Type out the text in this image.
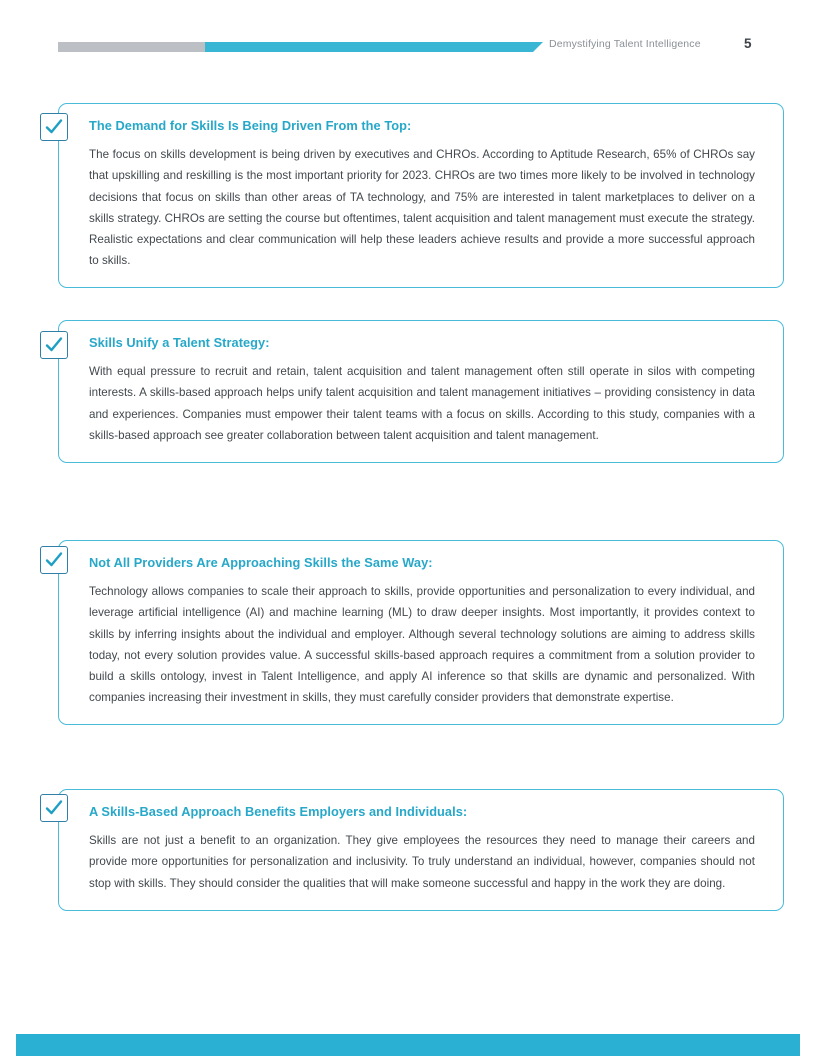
Demystifying Talent Intelligence	5
The Demand for Skills Is Being Driven From the Top:

The focus on skills development is being driven by executives and CHROs. According to Aptitude Research, 65% of CHROs say that upskilling and reskilling is the most important priority for 2023. CHROs are two times more likely to be involved in technology decisions that focus on skills than other areas of TA technology, and 75% are interested in talent marketplaces to deliver on a skills strategy. CHROs are setting the course but oftentimes, talent acquisition and talent management must execute the strategy. Realistic expectations and clear communication will help these leaders achieve results and provide a more successful approach to skills.

Skills Unify a Talent Strategy:

With equal pressure to recruit and retain, talent acquisition and talent management often still operate in silos with competing interests. A skills-based approach helps unify talent acquisition and talent management initiatives – providing consistency in data and experiences. Companies must empower their talent teams with a focus on skills. According to this study, companies with a skills-based approach see greater collaboration between talent acquisition and talent management.

Not All Providers Are Approaching Skills the Same Way:

Technology allows companies to scale their approach to skills, provide opportunities and personalization to every individual, and leverage artificial intelligence (AI) and machine learning (ML) to draw deeper insights. Most importantly, it provides context to skills by inferring insights about the individual and employer. Although several technology solutions are aiming to address skills today, not every solution provides value. A successful skills-based approach requires a commitment from a solution provider to build a skills ontology, invest in Talent Intelligence, and apply AI inference so that skills are dynamic and personalized. With companies increasing their investment in skills, they must carefully consider providers that demonstrate expertise.

A Skills-Based Approach Benefits Employers and Individuals:

Skills are not just a benefit to an organization. They give employees the resources they need to manage their careers and provide more opportunities for personalization and inclusivity. To truly understand an individual, however, companies should not stop with skills. They should consider the qualities that will make someone successful and happy in the work they are doing.
